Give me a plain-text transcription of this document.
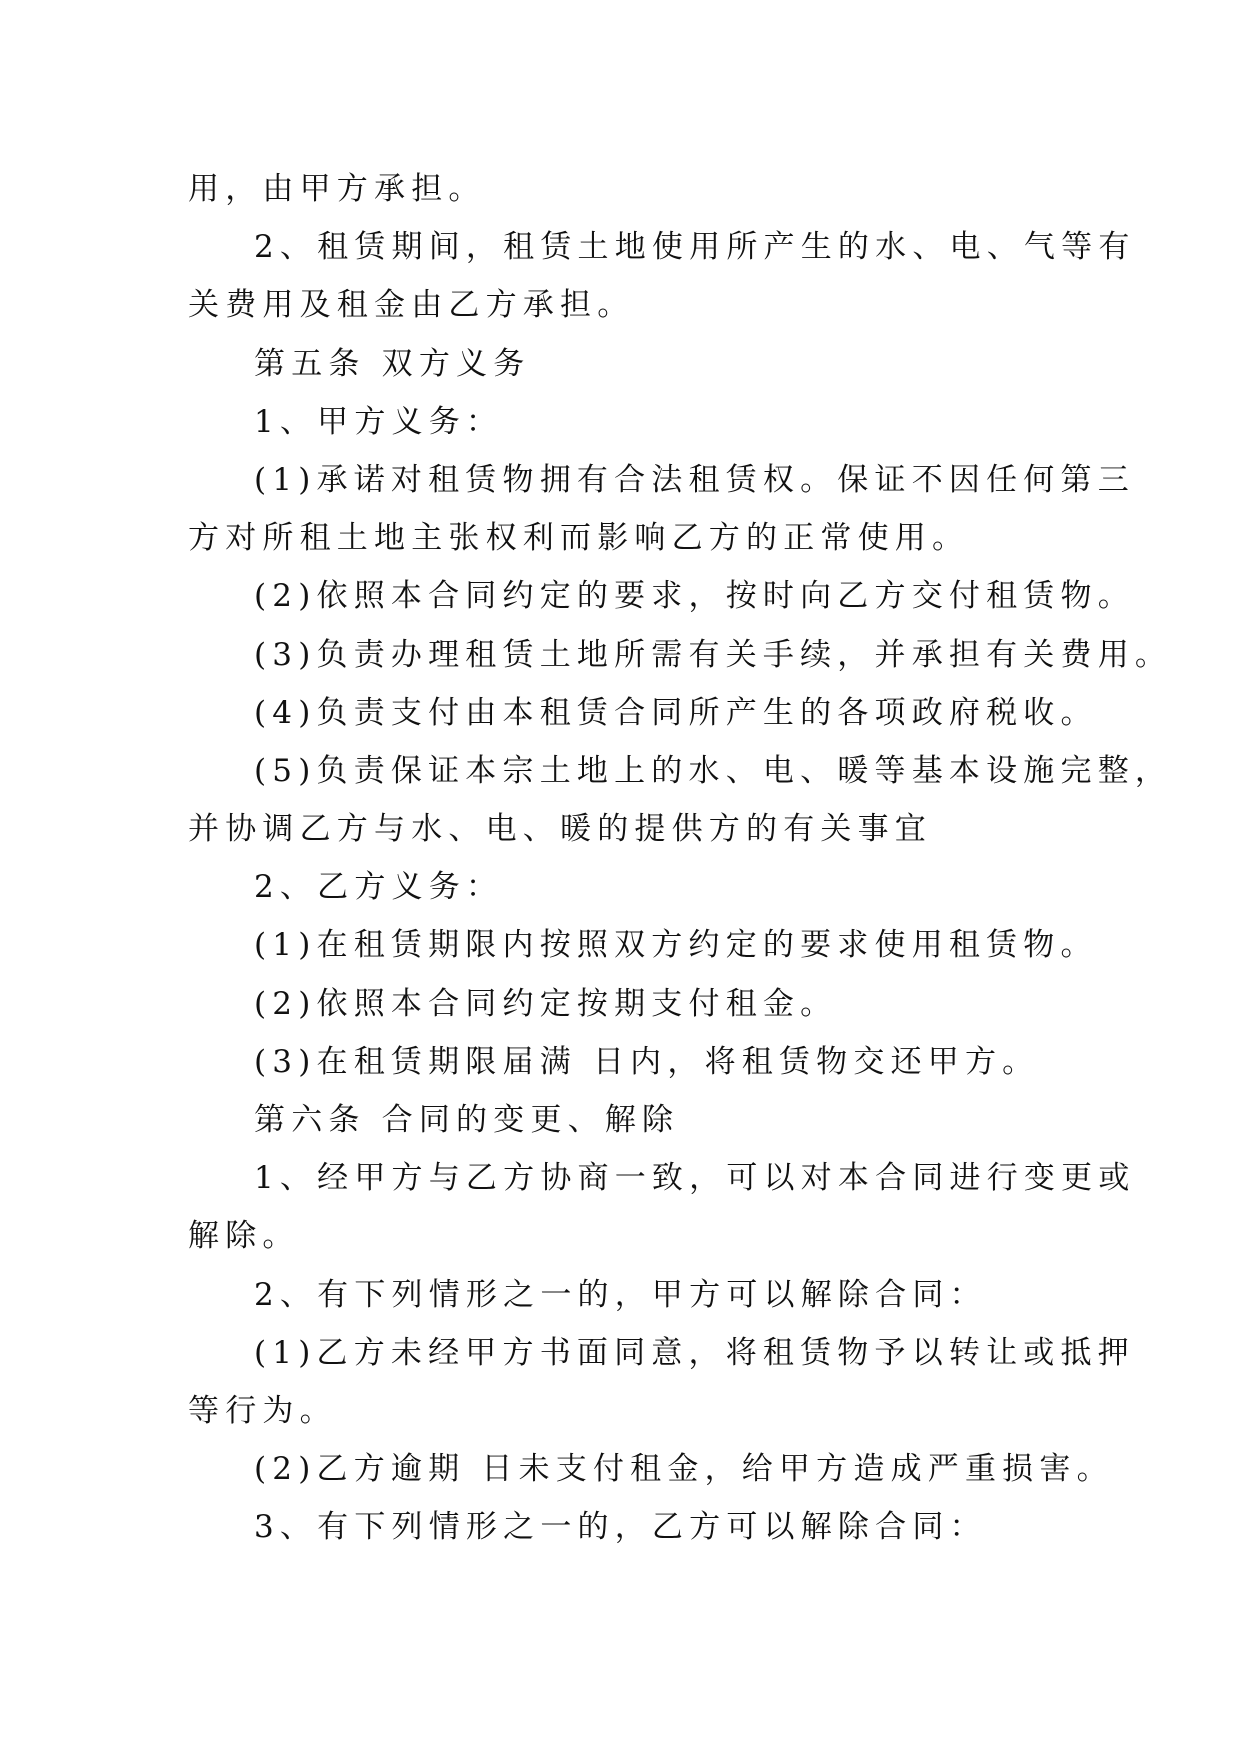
用，由甲方承担。
2、租赁期间，租赁土地使用所产生的水、电、气等有
关费用及租金由乙方承担。
第五条 双方义务
1、甲方义务：
(1)承诺对租赁物拥有合法租赁权。保证不因任何第三
方对所租土地主张权利而影响乙方的正常使用。
(2)依照本合同约定的要求，按时向乙方交付租赁物。
(3)负责办理租赁土地所需有关手续，并承担有关费用。
(4)负责支付由本租赁合同所产生的各项政府税收。
(5)负责保证本宗土地上的水、电、暖等基本设施完整，
并协调乙方与水、电、暖的提供方的有关事宜
2、乙方义务：
(1)在租赁期限内按照双方约定的要求使用租赁物。
(2)依照本合同约定按期支付租金。
(3)在租赁期限届满 日内，将租赁物交还甲方。
第六条 合同的变更、解除
1、经甲方与乙方协商一致，可以对本合同进行变更或
解除。
2、有下列情形之一的，甲方可以解除合同：
(1)乙方未经甲方书面同意，将租赁物予以转让或抵押
等行为。
(2)乙方逾期 日未支付租金，给甲方造成严重损害。
3、有下列情形之一的，乙方可以解除合同：
